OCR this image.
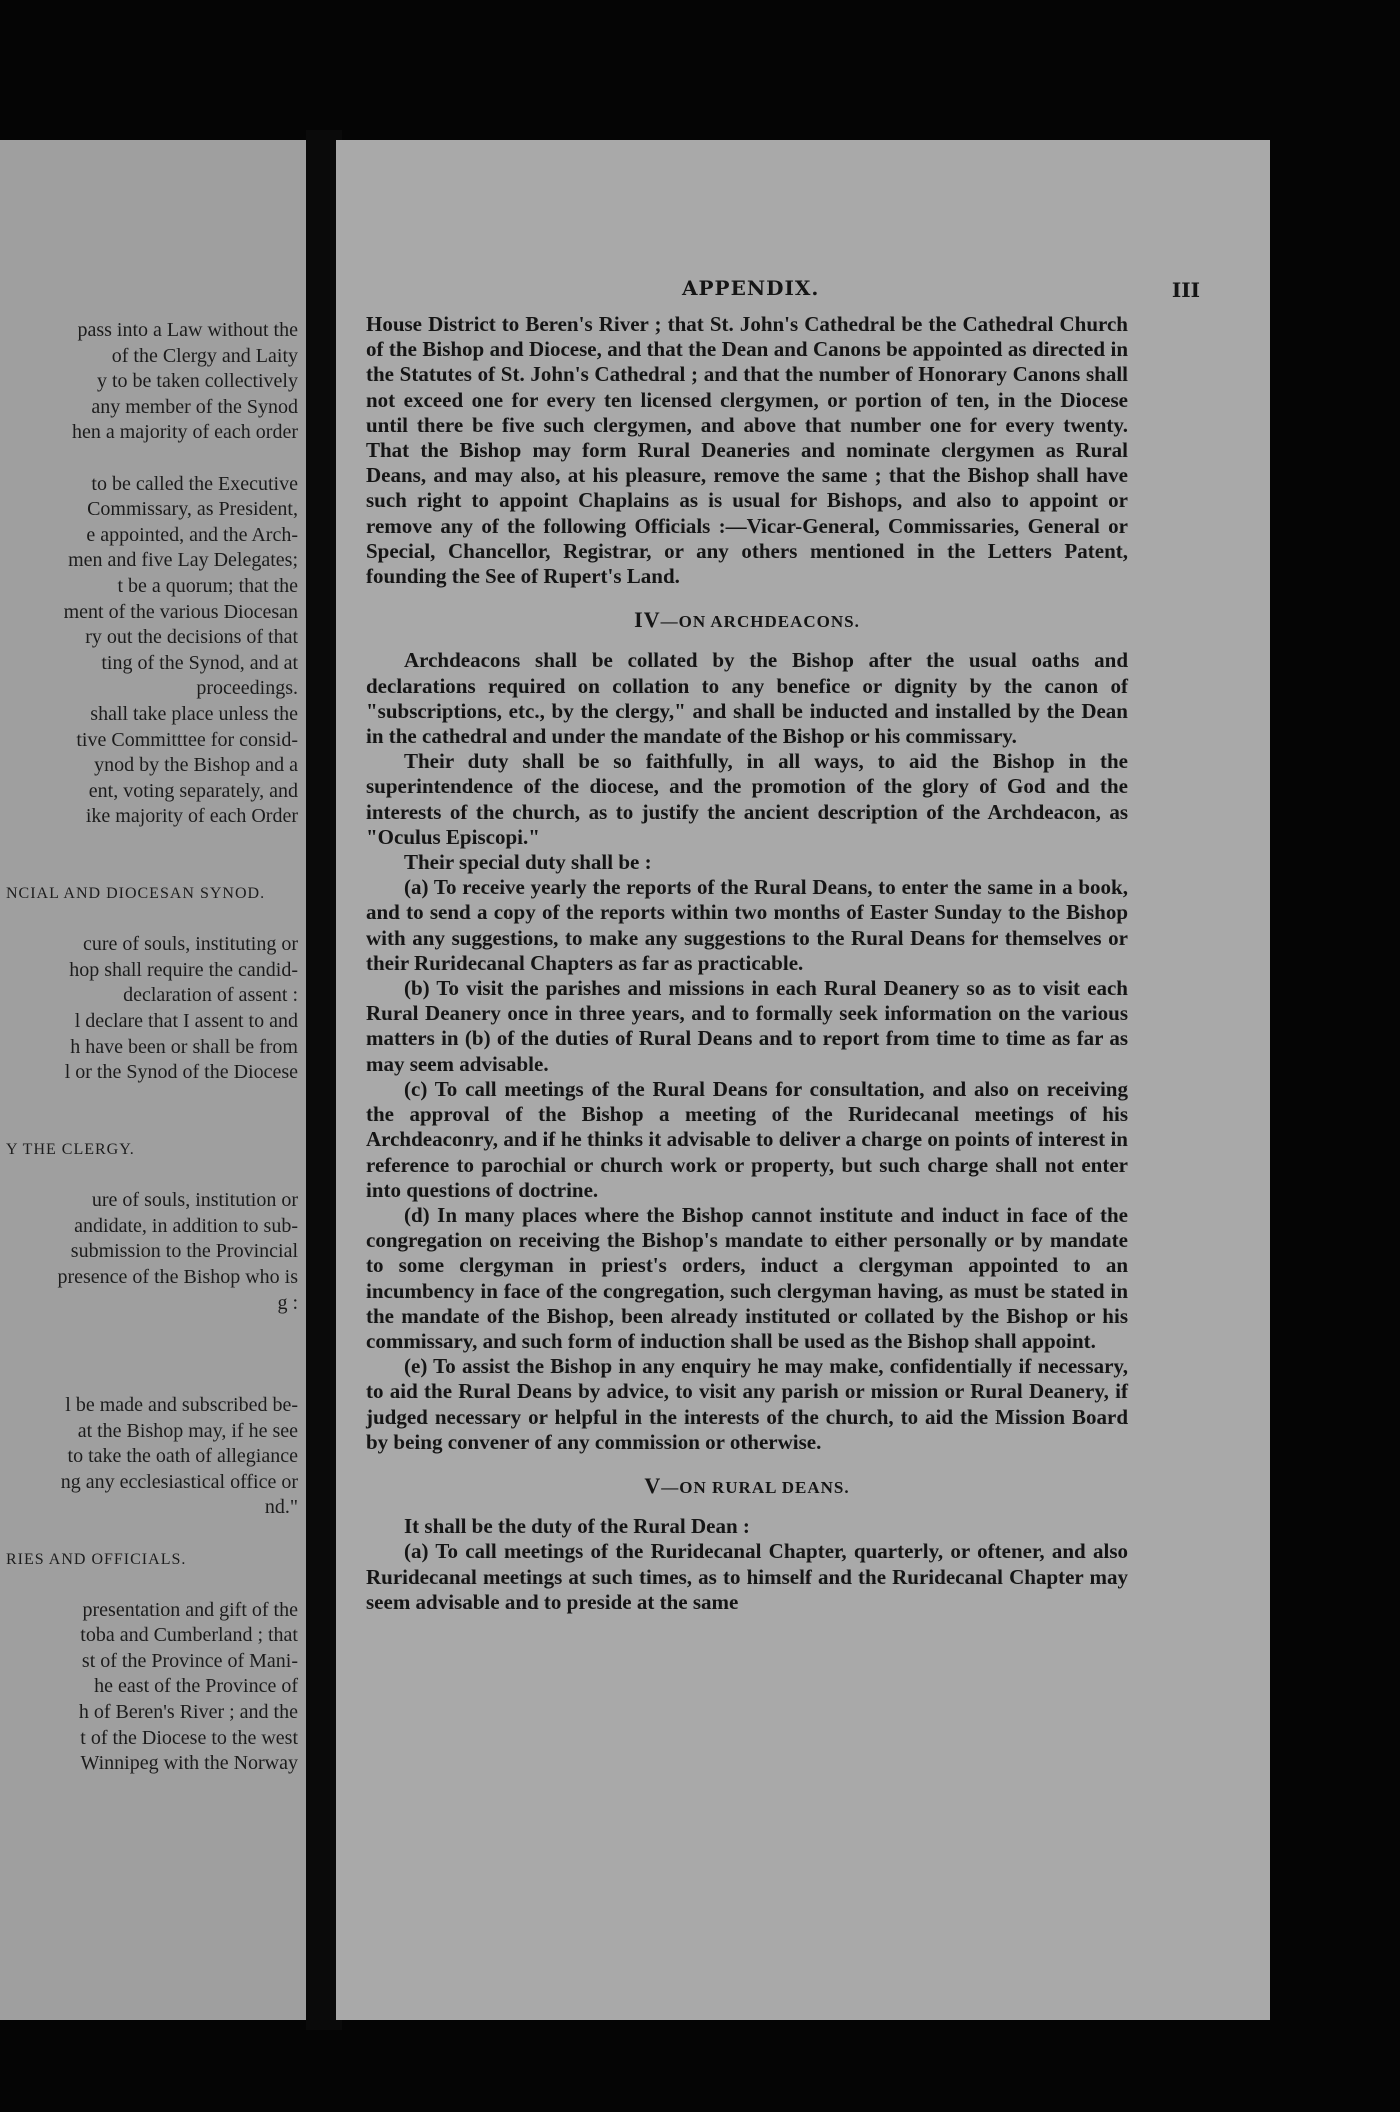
pass into a Law without the
of the Clergy and Laity
y to be taken collectively
any member of the Synod
hen a majority of each order

to be called the Executive
Commissary, as President,
e appointed, and the Arch-
men and five Lay Delegates;
t be a quorum; that the
ment of the various Diocesan
ry out the decisions of that
ting of the Synod, and at
proceedings.
shall take place unless the
tive Committtee for consid-
ynod by the Bishop and a
ent, voting separately, and
ike majority of each Order

NCIAL AND DIOCESAN SYNOD.

cure of souls, instituting or
hop shall require the candid-
declaration of assent :
l declare that I assent to and
h have been or shall be from
l or the Synod of the Diocese

Y THE CLERGY.

ure of souls, institution or
andidate, in addition to sub-
submission to the Provincial
presence of the Bishop who is
g :

l be made and subscribed be-
at the Bishop may, if he see
to take the oath of allegiance
ng any ecclesiastical office or
nd."

RIES AND OFFICIALS.

presentation and gift of the
toba and Cumberland ; that
st of the Province of Mani-
he east of the Province of
h of Beren's River ; and the
t of the Diocese to the west
Winnipeg with the Norway
APPENDIX.	III

House District to Beren's River ; that St. John's Cathedral be the Cathedral Church of the Bishop and Diocese, and that the Dean and Canons be appointed as directed in the Statutes of St. John's Cathedral ; and that the number of Honorary Canons shall not exceed one for every ten licensed clergymen, or portion of ten, in the Diocese until there be five such clergymen, and above that number one for every twenty. That the Bishop may form Rural Deaneries and nominate clergymen as Rural Deans, and may also, at his pleasure, remove the same ; that the Bishop shall have such right to appoint Chaplains as is usual for Bishops, and also to appoint or remove any of the following Officials :—Vicar-General, Commissaries, General or Special, Chancellor, Registrar, or any others mentioned in the Letters Patent, founding the See of Rupert's Land.

IV—ON ARCHDEACONS.

Archdeacons shall be collated by the Bishop after the usual oaths and declarations required on collation to any benefice or dignity by the canon of "subscriptions, etc., by the clergy," and shall be inducted and installed by the Dean in the cathedral and under the mandate of the Bishop or his commissary.

Their duty shall be so faithfully, in all ways, to aid the Bishop in the superintendence of the diocese, and the promotion of the glory of God and the interests of the church, as to justify the ancient description of the Archdeacon, as "Oculus Episcopi."

Their special duty shall be :

(a) To receive yearly the reports of the Rural Deans, to enter the same in a book, and to send a copy of the reports within two months of Easter Sunday to the Bishop with any suggestions, to make any suggestions to the Rural Deans for themselves or their Ruridecanal Chapters as far as practicable.

(b) To visit the parishes and missions in each Rural Deanery so as to visit each Rural Deanery once in three years, and to formally seek information on the various matters in (b) of the duties of Rural Deans and to report from time to time as far as may seem advisable.

(c) To call meetings of the Rural Deans for consultation, and also on receiving the approval of the Bishop a meeting of the Ruridecanal meetings of his Archdeaconry, and if he thinks it advisable to deliver a charge on points of interest in reference to parochial or church work or property, but such charge shall not enter into questions of doctrine.

(d) In many places where the Bishop cannot institute and induct in face of the congregation on receiving the Bishop's mandate to either personally or by mandate to some clergyman in priest's orders, induct a clergyman appointed to an incumbency in face of the congregation, such clergyman having, as must be stated in the mandate of the Bishop, been already instituted or collated by the Bishop or his commissary, and such form of induction shall be used as the Bishop shall appoint.

(e) To assist the Bishop in any enquiry he may make, confidentially if necessary, to aid the Rural Deans by advice, to visit any parish or mission or Rural Deanery, if judged necessary or helpful in the interests of the church, to aid the Mission Board by being convener of any commission or otherwise.

V—ON RURAL DEANS.

It shall be the duty of the Rural Dean :

(a) To call meetings of the Ruridecanal Chapter, quarterly, or oftener, and also Ruridecanal meetings at such times, as to himself and the Ruridecanal Chapter may seem advisable and to preside at the same
